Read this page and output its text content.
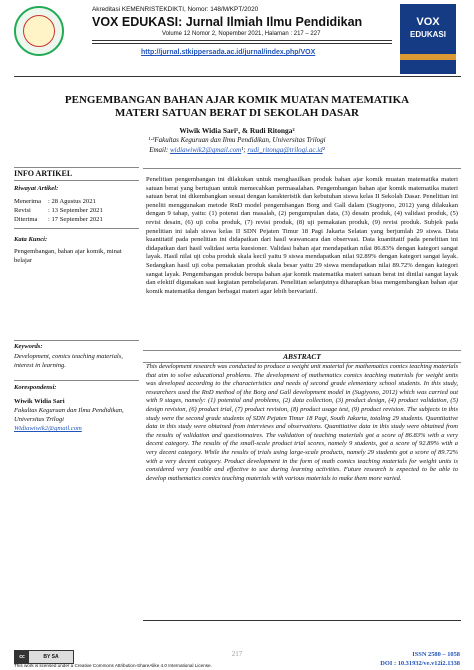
Akreditasi KEMENRISTEKDIKTI, Nomor: 148/M/KPT/2020
VOX EDUKASI: Jurnal Ilmiah Ilmu Pendidikan
Volume 12 Nomor 2, Nopember 2021, Halaman : 217 – 227
http://jurnal.stkippersada.ac.id/jurnal/index.php/VOX
VOX
EDUKASI
PENGEMBANGAN BAHAN AJAR KOMIK MUATAN MATEMATIKA
MATERI SATUAN BERAT DI SEKOLAH DASAR
Wiwik Widia Sari¹, & Rudi Ritonga²
¹·²Fakultas Keguruan dan Ilmu Pendidikan, Universitas Trilogi
Email: widiawiwik2@gmail.com¹; rudi_ritonga@trilogi.ac.id²
INFO ARTIKEL
Riwayat Artikel:
Menerima : 28 Agustus 2021
Revisi	: 13 September 2021
Diterima : 17 September 2021
Kata Kunci:
Pengembangan, bahan ajar komik, minat belajar
Keywords:
Development, comics teaching materials, interest in learning.
Korespondensi:
Wiwik Widia Sari
Fakultas Keguruan dan Ilmu Pendidikan, Universitas Trilogi
Widiawiwik2@gmail.com
Penelitian pengembangan ini dilakukan untuk menghasilkan produk bahan ajar komik muatan matematika materi satuan berat yang bertujuan untuk memecahkan permasalahan. Pengembangan bahan ajar komik matematika materi satuan berat ini dikembangkan sesuai dengan karakteristik dan kebutuhan siswa kelas II Sekolah Dasar. Penelitian ini peneliti menggunakan metode RnD model pengembangan Borg and Gall dalam (Sugiyono, 2012) yang dilakukan dengan 9 tahap, yaitu: (1) potensi dan masalah, (2) pengumpulan data, (3) desain produk, (4) validasi produk, (5) revisi desain, (6) uji coba produk, (7) revisi produk, (8) uji pemakaian produk, (9) revisi produk. Subjek pada penelitian ini ialah siswa kelas II SDN Pejaten Timur 18 Pagi Jakarta Selatan yang berjumlah 29 siswa. Data kuantitatif pada penelitian ini didapatkan dari hasil wawancara dan observasi. Data kuantitatif pada penelitian ini didapatkan dari hasil validasi serta kuesioner. Validasi bahan ajar mendapatkan nilai 86.83% dengan kategori sangat layak. Hasil nilai uji coba produk skala kecil yaitu 9 siswa mendapatkan nilai 92.89% dengan kategori sangat layak. Sedangkan hasil uji coba pemakaian produk skala besar yaitu 29 siswa mendapatkan nilai 89.72% dengan kategori sangat layak. Pengembangan produk berupa bahan ajar komik matematika materi satuan berat ini dinilai sangat layak dan efektif digunakan saat kegiatan pembelajaran. Penelitian selanjutnya diharapkan bisa mengembangkan bahan ajar komik matematika dengan berbagai materi agar lebih bervariatif.
ABSTRACT
This development research was conducted to produce a weight unit material for mathematics comics teaching materials that aim to solve educational problems. The development of mathematics comics teaching materials for weight units was developed according to the characteristics and needs of second grade elementary school students. In this study, researchers used the RnD method of the Borg and Gall development model in (Sugiyono, 2012) which was carried out with 9 stages, namely: (1) potential and problems, (2) data collection, (3) product design, (4) product validation, (5) design revision, (6) product trial, (7) product revision, (8) product usage test, (9) product revision. The subjects in this study were the second grade students of SDN Pejaten Timur 18 Pagi, South Jakarta, totaling 29 students. Quantitative data in this study were obtained from interviews and observations. Quantitative data in this study were obtained from the results of validation and questionnaires. The validation of teaching materials got a score of 86.83% with a very decent category. The results of the small-scale product trial scores, namely 9 students, got a score of 92.89% with a very decent category. While the results of trials using large-scale products, namely 29 students got a score of 89.72% with a very decent category. Product development in the form of math comics teaching materials for weight units is considered very feasible and effective to use during learning activities. Future research is expected to be able to develop mathematics comics teaching materials with various materials to make them more varied.
cc	BY SA
This work is licensed under a Creative Commons Attribution-ShareAlike 4.0 International License.
217	ISSN 2580 – 1058
DOI : 10.31932/ve.v12i2.1338
